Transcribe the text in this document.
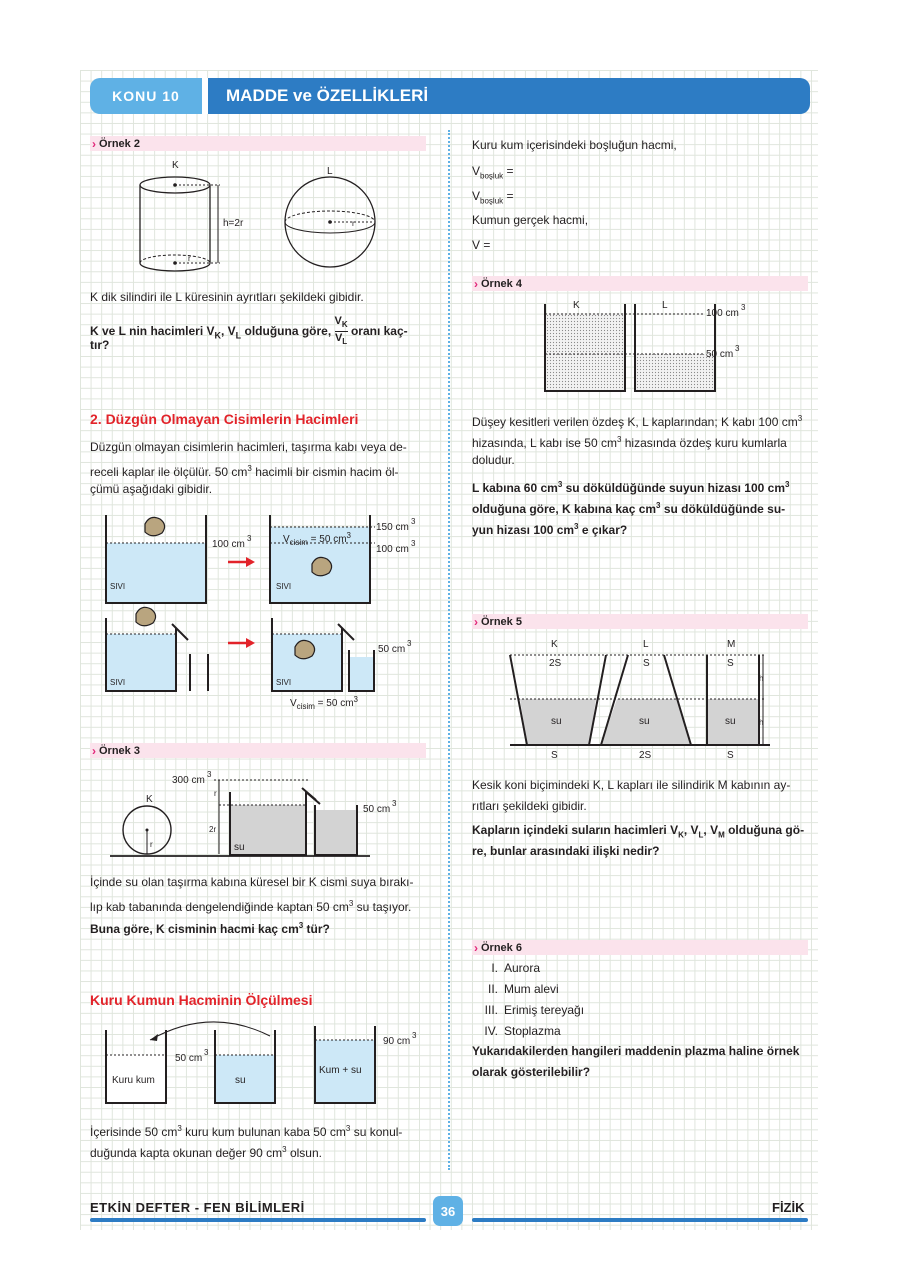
KONU 10	MADDE ve ÖZELLİKLERİ
› Örnek 2
K
r
h=2r
L
r
K dik silindiri ile L küresinin ayrıtları şekildeki gibidir.
K ve L nin hacimleri $V_K$, $V_L$ olduğuna göre, $\frac{V_K}{V_L}$ oranı kaç-
tır?
2. Düzgün Olmayan Cisimlerin Hacimleri
Düzgün olmayan cisimlerin hacimleri, taşırma kabı veya de-
receli kaplar ile ölçülür. 50 $cm^3$ hacimli bir cismin hacim öl-
çümü aşağıdaki gibidir.
100 cm
3
SIVI
$V_{cisim} = 50$ $cm^3$
150 cm
3
100 cm
3
SIVI
SIVI
50 cm
3
SIVI
$V_{cisim} = 50$ $cm^3$
› Örnek 3
300 cm
3
K
r
r
2r
su
50 cm
3
İçinde su olan taşırma kabına küresel bir K cismi suya bırakı-
lıp kab tabanında dengelendiğinde kaptan 50 $cm^3$ su taşıyor.
Buna göre, K cisminin hacmi kaç $cm^3$ tür?
Kuru Kumun Hacminin Ölçülmesi
Kuru kum
50 cm
3
su
Kum + su
90 cm
3
İçerisinde 50 $cm^3$ kuru kum bulunan kaba 50 $cm^3$ su konul-
duğunda kapta okunan değer 90 $cm^3$ olsun.
Kuru kum içerisindeki boşluğun hacmi,
$V_{boşluk}$ =
$V_{boşluk}$ =
Kumun gerçek hacmi,
V =
› Örnek 4
K	L
100 cm
3
50 cm
3
Düşey kesitleri verilen özdeş K, L kaplarından; K kabı 100 $cm^3$
hizasında, L kabı ise 50 $cm^3$ hizasında özdeş kuru kumlarla
doludur.
L kabına 60 $cm^3$ su döküldüğünde suyun hizası 100 $cm^3$
olduğuna göre, K kabına kaç $cm^3$ su döküldüğünde su-
yun hizası 100 $cm^3$ e çıkar?
› Örnek 5
K	L	M
2S	S	S
su	su	su
h
h
S	2S	S
Kesik koni biçimindeki K, L kapları ile silindirik M kabının ay-
rıtları şekildeki gibidir.
Kapların içindeki suların hacimleri $V_K$, $V_L$, $V_M$ olduğuna gö-
re, bunlar arasındaki ilişki nedir?
› Örnek 6
I. Aurora
II. Mum alevi
III. Erimiş tereyağı
IV. Stoplazma
Yukarıdakilerden hangileri maddenin plazma haline örnek
olarak gösterilebilir?
ETKİN DEFTER - FEN BİLİMLERİ	36	FİZİK
